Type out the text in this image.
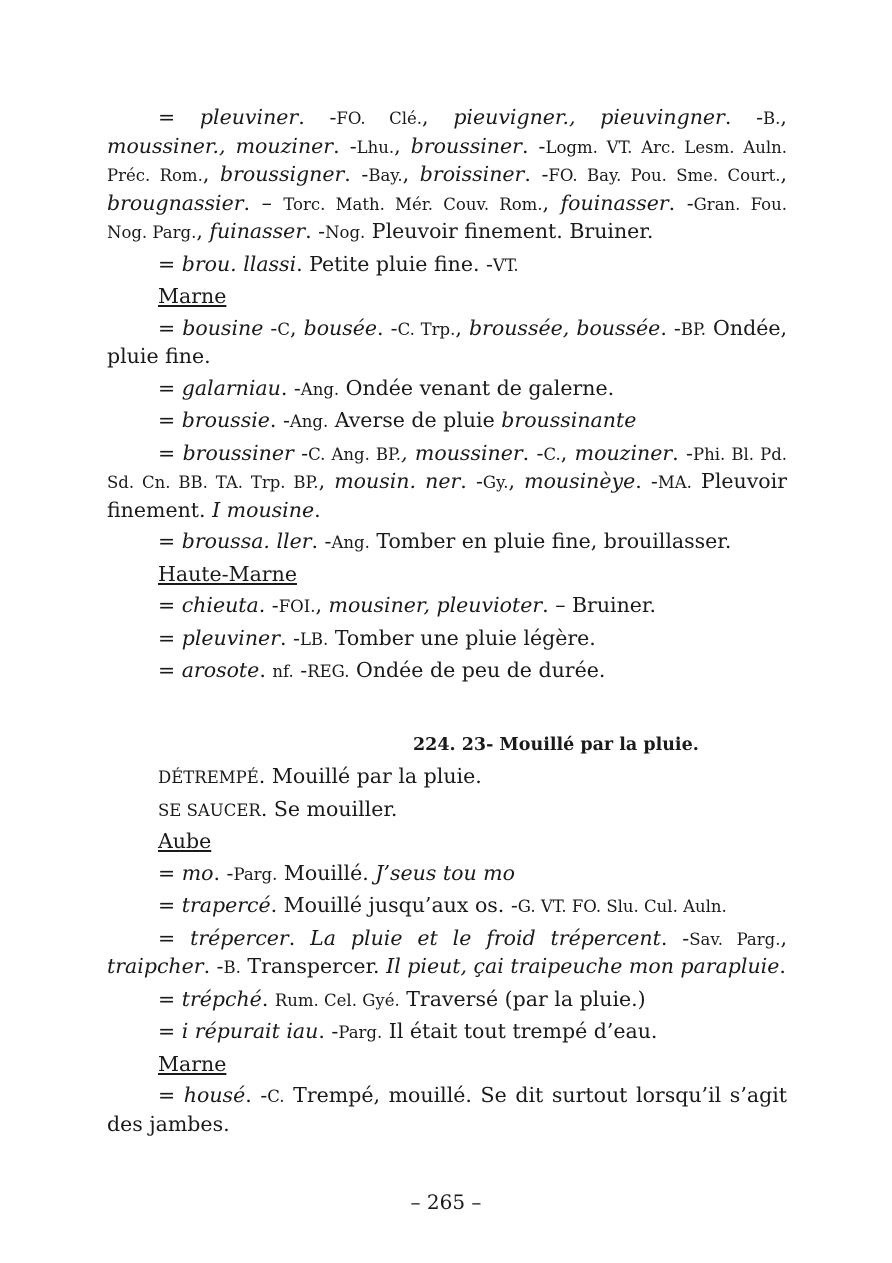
= pleuviner. -FO. Clé., pieuvigner., pieuvingner. -B., moussiner., mouziner. -Lhu., broussiner. -Logm. VT. Arc. Lesm. Auln. Préc. Rom., broussigner. -Bay., broissiner. -FO. Bay. Pou. Sme. Court., brougnassier. – Torc. Math. Mér. Couv. Rom., fouinasser. -Gran. Fou. Nog. Parg., fuinasser. -Nog. Pleuvoir finement. Bruiner.

= brou. llassi. Petite pluie fine. -VT.

Marne

= bousine -C, bousée. -C. Trp., broussée, boussée. -BP. Ondée, pluie fine.

= galarniau. -Ang. Ondée venant de galerne.

= broussie. -Ang. Averse de pluie broussinante

= broussiner -C. Ang. BP., moussiner. -C., mouziner. -Phi. Bl. Pd. Sd. Cn. BB. TA. Trp. BP., mousin. ner. -Gy., mousinèye. -MA. Pleuvoir finement. I mousine.

= broussa. ller. -Ang. Tomber en pluie fine, brouillasser.

Haute-Marne

= chieuta. -FOI., mousiner, pleuvioter. – Bruiner.

= pleuviner. -LB. Tomber une pluie légère.

= arosote. nf. -REG. Ondée de peu de durée.

224. 23- Mouillé par la pluie.

DÉTREMPÉ. Mouillé par la pluie.

SE SAUCER. Se mouiller.

Aube

= mo. -Parg. Mouillé. J’seus tou mo

= trapercé. Mouillé jusqu’aux os. -G. VT. FO. Slu. Cul. Auln.

= trépercer. La pluie et le froid trépercent. -Sav. Parg., traipcher. -B. Transpercer. Il pieut, çai traipeuche mon parapluie.

= trépché. Rum. Cel. Gyé. Traversé (par la pluie.)

= i répurait iau. -Parg. Il était tout trempé d’eau.

Marne

= housé. -C. Trempé, mouillé. Se dit surtout lorsqu’il s’agit des jambes.

– 265 –
